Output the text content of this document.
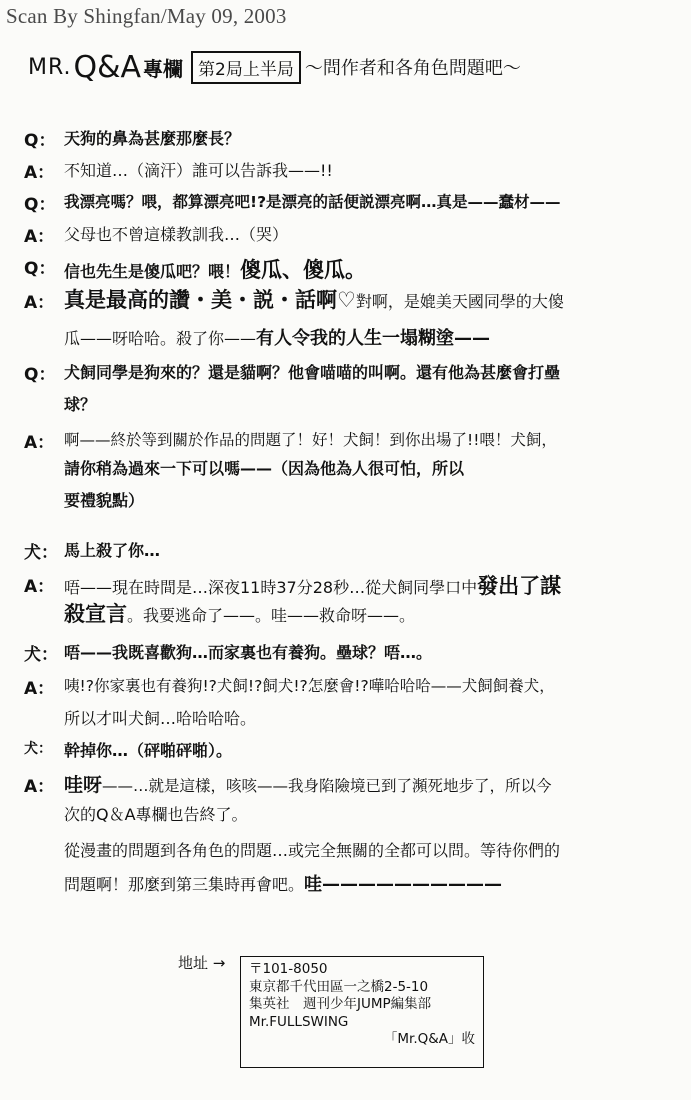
Scan By Shingfan/May 09, 2003
MR. Q&A 專欄 第2局上半局 ～問作者和各角色問題吧～
Q： 天狗的鼻為甚麼那麼長？
A： 不知道…（滴汗）誰可以告訴我——!!
Q： 我漂亮嗎？喂，都算漂亮吧!?是漂亮的話便説漂亮啊…真是——蠢材——
A： 父母也不曾這樣教訓我…（哭）
Q： 信也先生是傻瓜吧？喂！傻瓜、傻瓜。
A： 真是最高的讚・美・説・話啊♡對啊，是媲美天國同學的大傻
瓜——呀哈哈。殺了你——有人令我的人生一塌糊塗——
Q： 犬飼同學是狗來的？還是貓啊？他會喵喵的叫啊。還有他為甚麼會打壘
球？
A： 啊——終於等到關於作品的問題了！好！犬飼！到你出場了!!喂！犬飼，
請你稍為過來一下可以嗎——（因為他為人很可怕，所以
要禮貌點）
犬： 馬上殺了你…
A： 唔——現在時間是…深夜11時37分28秒…從犬飼同學口中發出了謀
殺宣言。我要逃命了——。哇——救命呀——。
犬： 唔——我既喜歡狗…而家裏也有養狗。壘球？唔…。
A： 咦!?你家裏也有養狗!?犬飼!?飼犬!?怎麼會!?嘩哈哈哈——犬飼飼養犬，
所以才叫犬飼…哈哈哈哈。
犬： 幹掉你…（砰啪砰啪）。
A： 哇呀——…就是這樣，咳咳——我身陷險境已到了瀕死地步了，所以今
次的Q＆A專欄也告終了。
從漫畫的問題到各角色的問題…或完全無關的全都可以問。等待你們的
問題啊！那麼到第三集時再會吧。哇——————————
地址 → 〒101-8050
東京都千代田區一之橋2-5-10
集英社　週刊少年JUMP編集部
Mr.FULLSWING
「Mr.Q&A」收
